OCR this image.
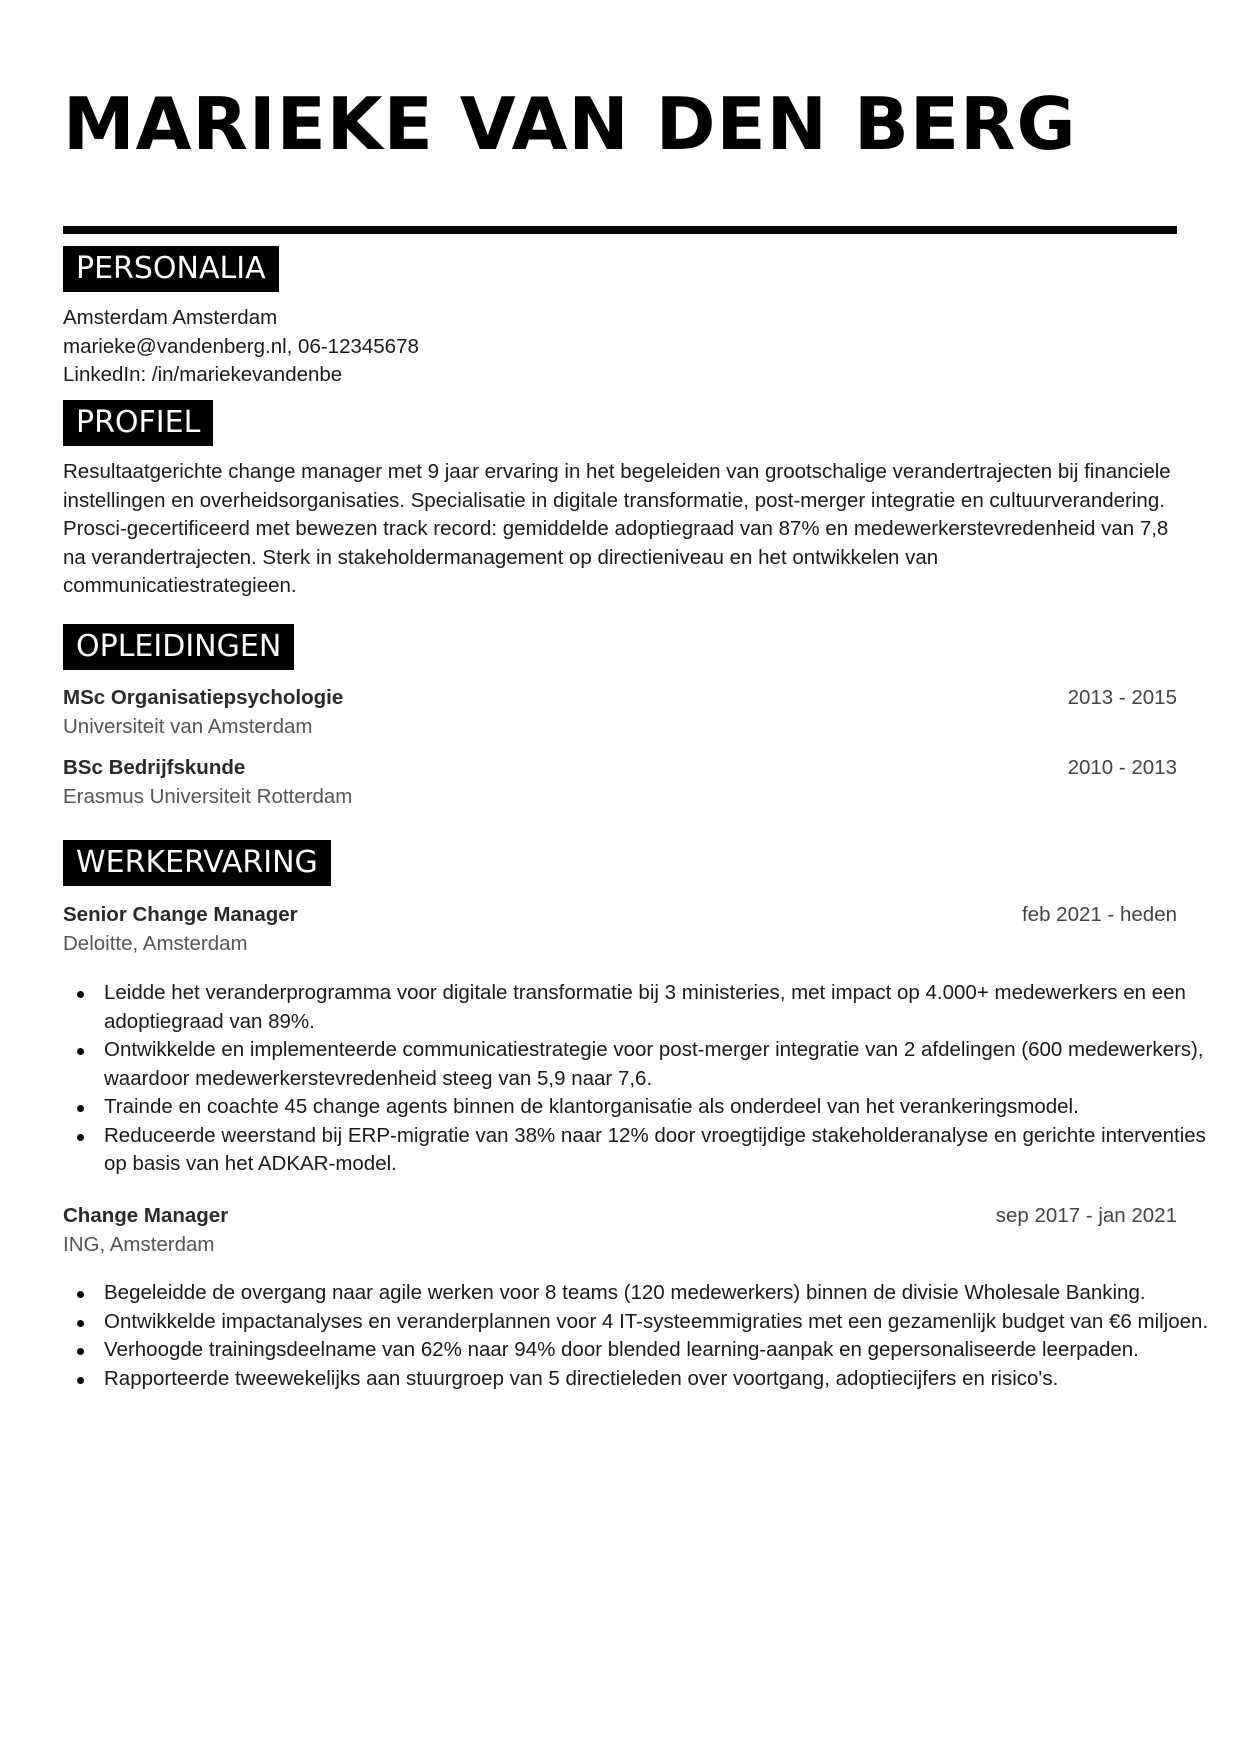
MARIEKE VAN DEN BERG
PERSONALIA
Amsterdam Amsterdam
marieke@vandenberg.nl, 06-12345678
LinkedIn: /in/mariekevandenbe
PROFIEL

Resultaatgerichte change manager met 9 jaar ervaring in het begeleiden van grootschalige verandertrajecten bij financiele instellingen en overheidsorganisaties. Specialisatie in digitale transformatie, post-merger integratie en cultuurverandering. Prosci-gecertificeerd met bewezen track record: gemiddelde adoptiegraad van 87% en medewerkerstevredenheid van 7,8 na verandertrajecten. Sterk in stakeholdermanagement op directieniveau en het ontwikkelen van communicatiestrategieen.

OPLEIDINGEN
MSc Organisatiepsychologie	2013 - 2015
Universiteit van Amsterdam
BSc Bedrijfskunde	2010 - 2013
Erasmus Universiteit Rotterdam
WERKERVARING
Senior Change Manager	feb 2021 - heden
Deloitte, Amsterdam
Leidde het veranderprogramma voor digitale transformatie bij 3 ministeries, met impact op 4.000+ medewerkers en een adoptiegraad van 89%.
Ontwikkelde en implementeerde communicatiestrategie voor post-merger integratie van 2 afdelingen (600 medewerkers), waardoor medewerkerstevredenheid steeg van 5,9 naar 7,6.
Trainde en coachte 45 change agents binnen de klantorganisatie als onderdeel van het verankeringsmodel.
Reduceerde weerstand bij ERP-migratie van 38% naar 12% door vroegtijdige stakeholderanalyse en gerichte interventies op basis van het ADKAR-model.
Change Manager	sep 2017 - jan 2021
ING, Amsterdam
Begeleidde de overgang naar agile werken voor 8 teams (120 medewerkers) binnen de divisie Wholesale Banking.
Ontwikkelde impactanalyses en veranderplannen voor 4 IT-systeemmigraties met een gezamenlijk budget van €6 miljoen.
Verhoogde trainingsdeelname van 62% naar 94% door blended learning-aanpak en gepersonaliseerde leerpaden.
Rapporteerde tweewekelijks aan stuurgroep van 5 directieleden over voortgang, adoptiecijfers en risico's.
